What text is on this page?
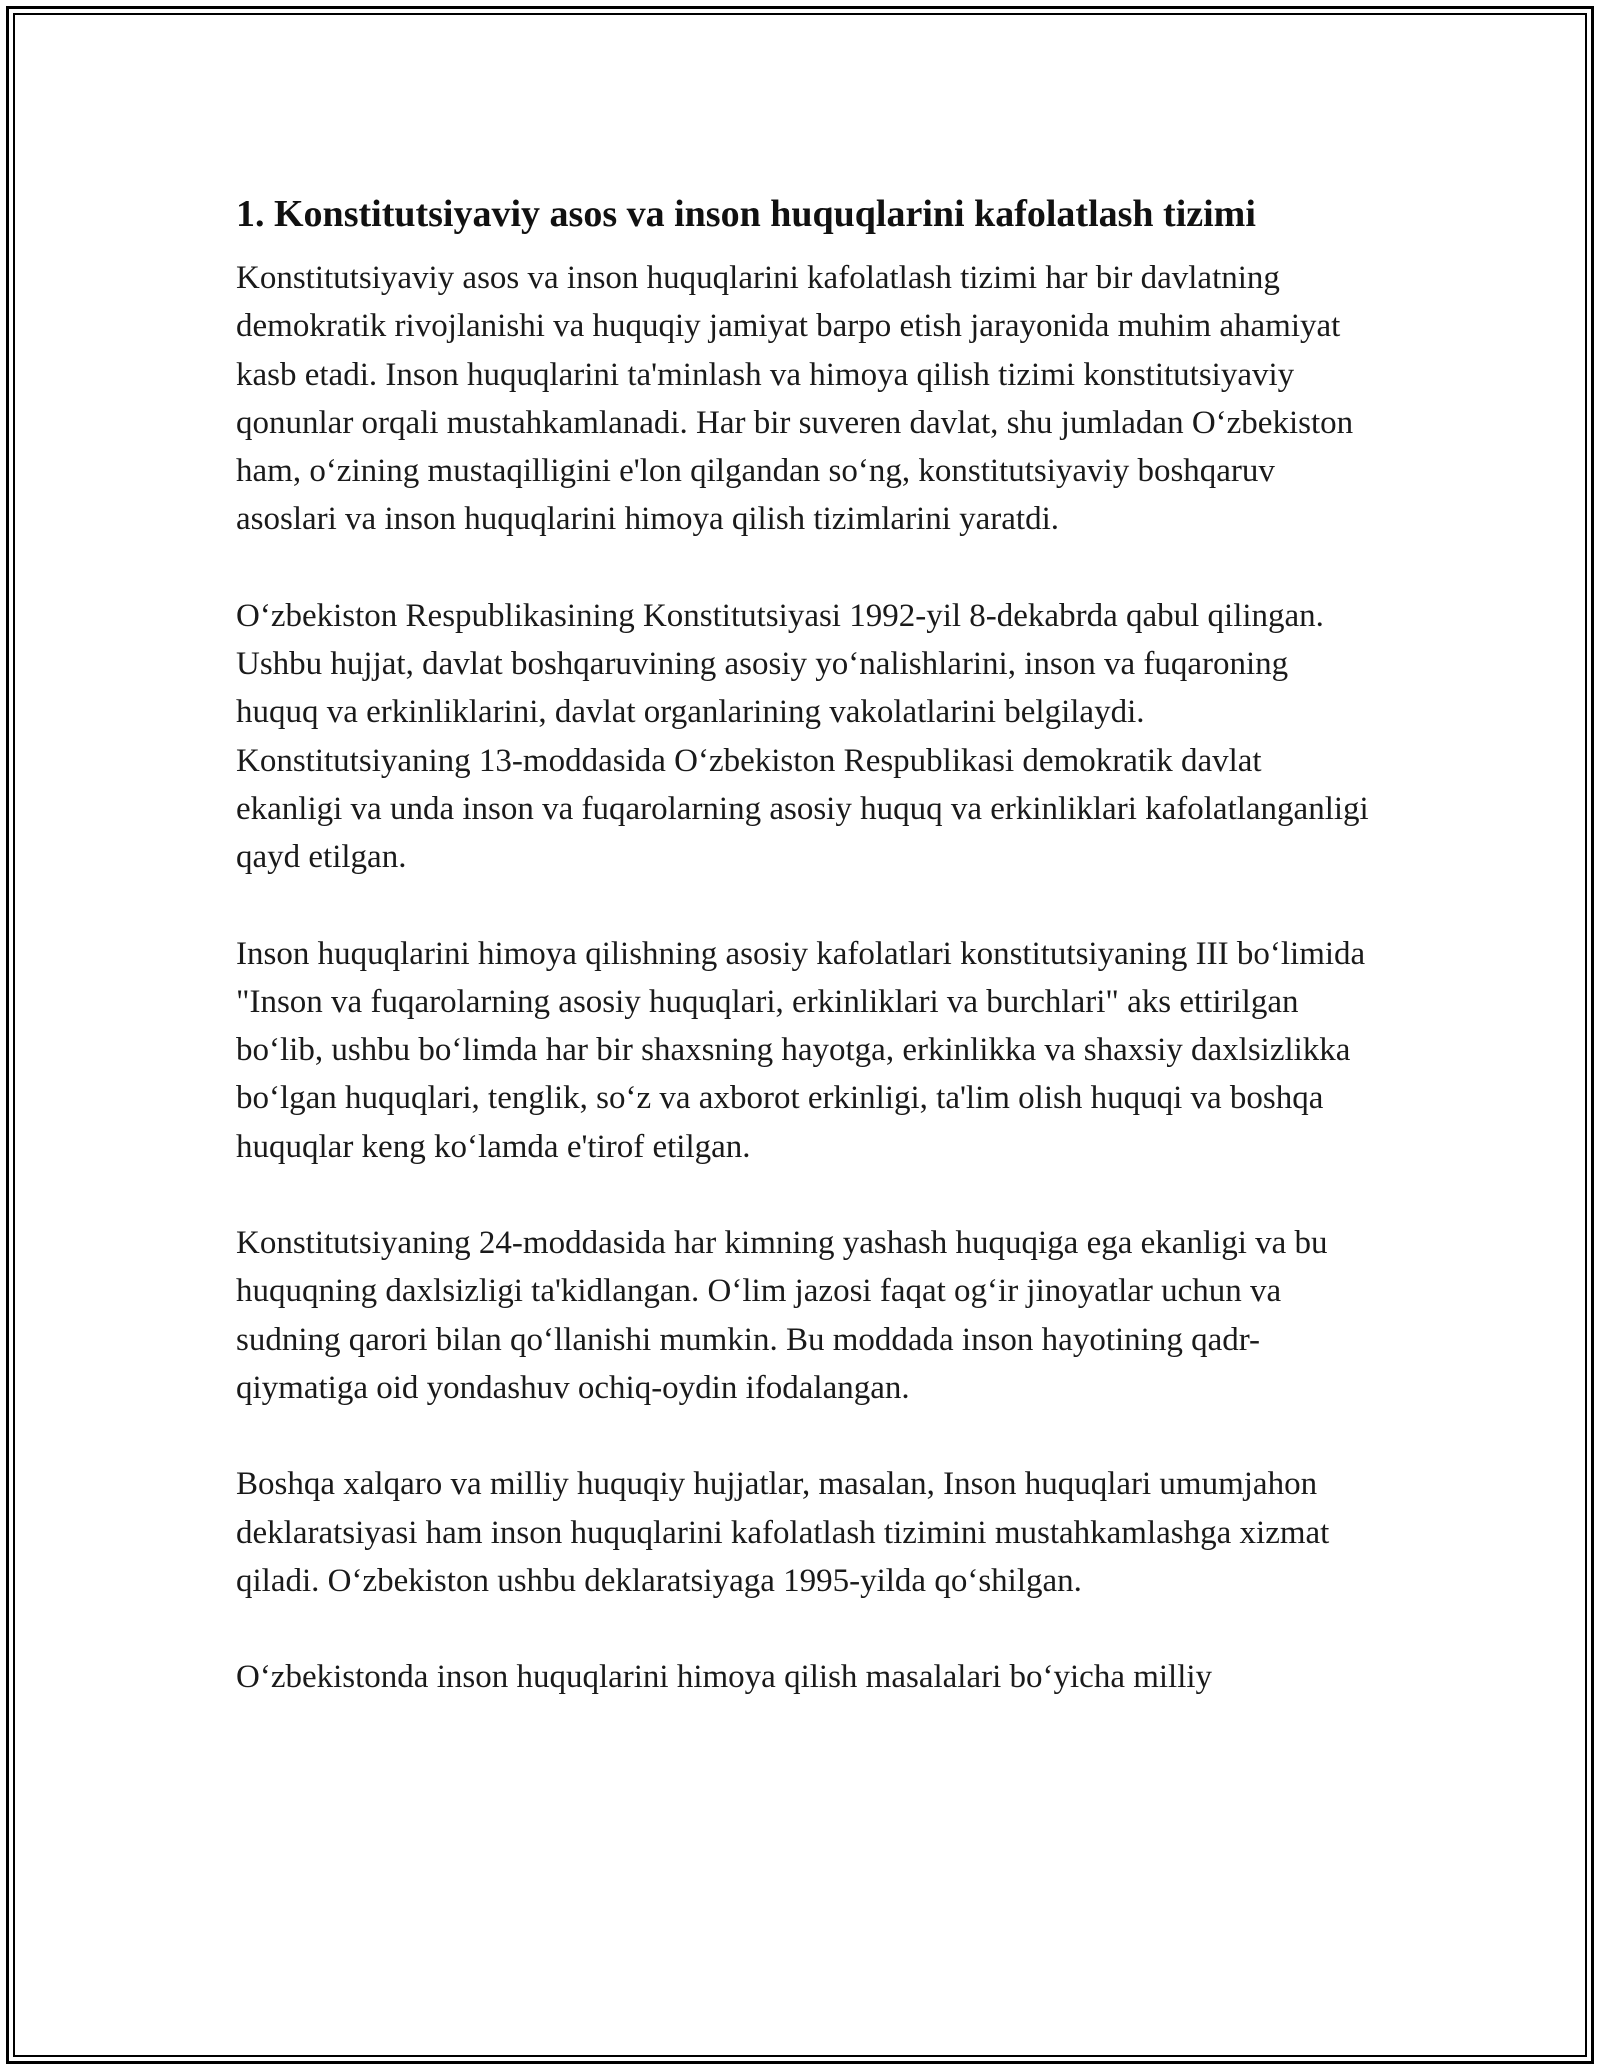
1. Konstitutsiyaviy asos va inson huquqlarini kafolatlash tizimi

Konstitutsiyaviy asos va inson huquqlarini kafolatlash tizimi har bir davlatning demokratik rivojlanishi va huquqiy jamiyat barpo etish jarayonida muhim ahamiyat kasb etadi. Inson huquqlarini ta'minlash va himoya qilish tizimi konstitutsiyaviy qonunlar orqali mustahkamlanadi. Har bir suveren davlat, shu jumladan Oʻzbekiston ham, oʻzining mustaqilligini e'lon qilgandan soʻng, konstitutsiyaviy boshqaruv asoslari va inson huquqlarini himoya qilish tizimlarini yaratdi.

Oʻzbekiston Respublikasining Konstitutsiyasi 1992-yil 8-dekabrda qabul qilingan. Ushbu hujjat, davlat boshqaruvining asosiy yoʻnalishlarini, inson va fuqaroning huquq va erkinliklarini, davlat organlarining vakolatlarini belgilaydi. Konstitutsiyaning 13-moddasida Oʻzbekiston Respublikasi demokratik davlat ekanligi va unda inson va fuqarolarning asosiy huquq va erkinliklari kafolatlanganligi qayd etilgan.

Inson huquqlarini himoya qilishning asosiy kafolatlari konstitutsiyaning III boʻlimida "Inson va fuqarolarning asosiy huquqlari, erkinliklari va burchlari" aks ettirilgan boʻlib, ushbu boʻlimda har bir shaxsning hayotga, erkinlikka va shaxsiy daxlsizlikka boʻlgan huquqlari, tenglik, soʻz va axborot erkinligi, ta'lim olish huquqi va boshqa huquqlar keng koʻlamda e'tirof etilgan.

Konstitutsiyaning 24-moddasida har kimning yashash huquqiga ega ekanligi va bu huquqning daxlsizligi ta'kidlangan. Oʻlim jazosi faqat ogʻir jinoyatlar uchun va sudning qarori bilan qoʻllanishi mumkin. Bu moddada inson hayotining qadr-qiymatiga oid yondashuv ochiq-oydin ifodalangan.

Boshqa xalqaro va milliy huquqiy hujjatlar, masalan, Inson huquqlari umumjahon deklaratsiyasi ham inson huquqlarini kafolatlash tizimini mustahkamlashga xizmat qiladi. Oʻzbekiston ushbu deklaratsiyaga 1995-yilda qoʻshilgan.

Oʻzbekistonda inson huquqlarini himoya qilish masalalari boʻyicha milliy
